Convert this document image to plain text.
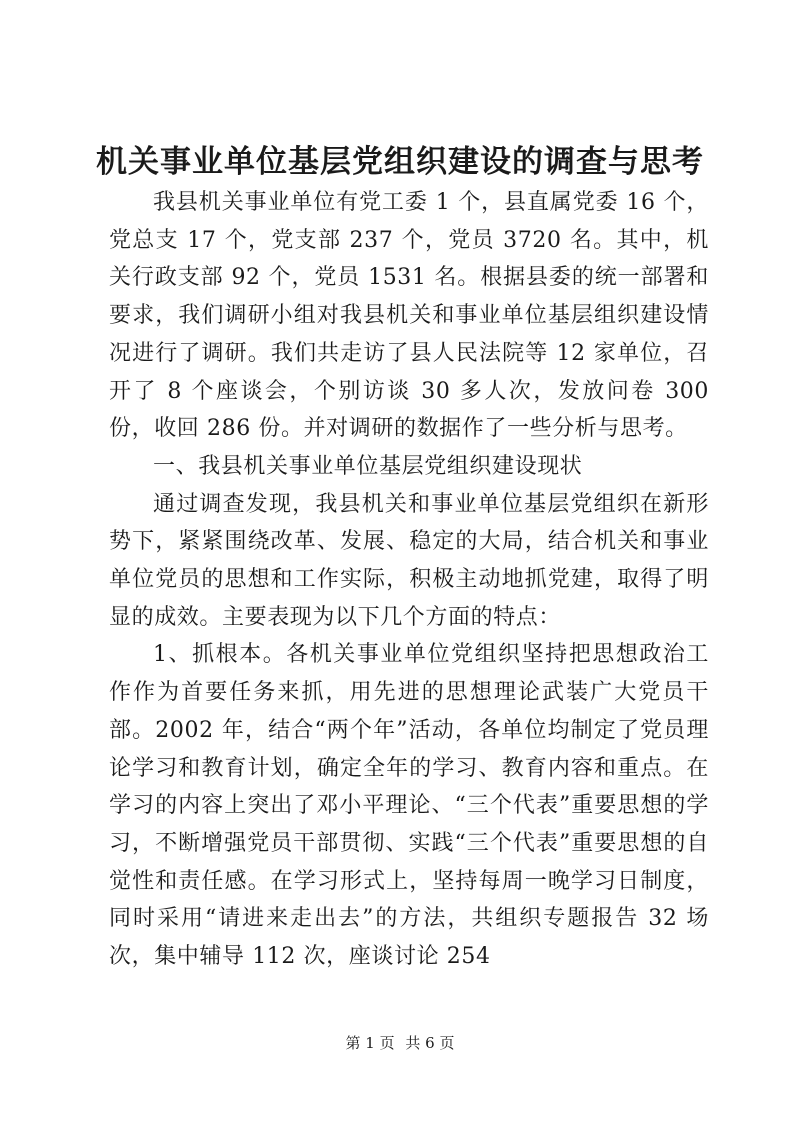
机关事业单位基层党组织建设的调查与思考

我县机关事业单位有党工委 1 个，县直属党委 16 个，党总支 17 个，党支部 237 个，党员 3720 名。其中，机关行政支部 92 个，党员 1531 名。根据县委的统一部署和要求，我们调研小组对我县机关和事业单位基层组织建设情况进行了调研。我们共走访了县人民法院等 12 家单位，召开了 8 个座谈会，个别访谈 30 多人次，发放问卷 300 份，收回 286 份。并对调研的数据作了一些分析与思考。

一、我县机关事业单位基层党组织建设现状

通过调查发现，我县机关和事业单位基层党组织在新形势下，紧紧围绕改革、发展、稳定的大局，结合机关和事业单位党员的思想和工作实际，积极主动地抓党建，取得了明显的成效。主要表现为以下几个方面的特点：

1、抓根本。各机关事业单位党组织坚持把思想政治工作作为首要任务来抓，用先进的思想理论武装广大党员干部。2002 年，结合“两个年”活动，各单位均制定了党员理论学习和教育计划，确定全年的学习、教育内容和重点。在学习的内容上突出了邓小平理论、“三个代表”重要思想的学习，不断增强党员干部贯彻、实践“三个代表”重要思想的自觉性和责任感。在学习形式上，坚持每周一晚学习日制度，同时采用“请进来走出去”的方法，共组织专题报告 32 场次，集中辅导 112 次，座谈讨论 254

第 1 页 共 6 页
